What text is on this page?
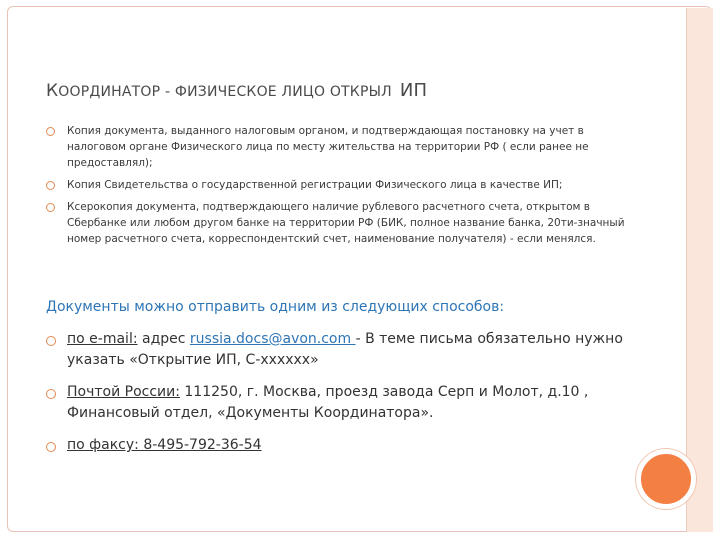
КООРДИНАТОР - ФИЗИЧЕСКОЕ ЛИЦО ОТКРЫЛ ИП
Копия документа, выданного налоговым органом, и подтверждающая постановку на учет в налоговом органе Физического лица по месту жительства на территории РФ ( если ранее не предоставлял);
Копия Свидетельства о государственной регистрации Физического лица в качестве ИП;
Ксерокопия документа, подтверждающего наличие рублевого расчетного счета, открытом в Сбербанке или любом другом банке на территории РФ (БИК, полное название банка, 20ти-значный номер расчетного счета, корреспондентский счет, наименование получателя) - если менялся.
Документы можно отправить одним из следующих способов:
по e-mail: адрес russia.docs@avon.com - В теме письма обязательно нужно указать «Открытие ИП, С-xxxxxx»
Почтой России: 111250, г. Москва, проезд завода Серп и Молот, д.10 , Финансовый отдел, «Документы Координатора».
по факсу: 8-495-792-36-54
